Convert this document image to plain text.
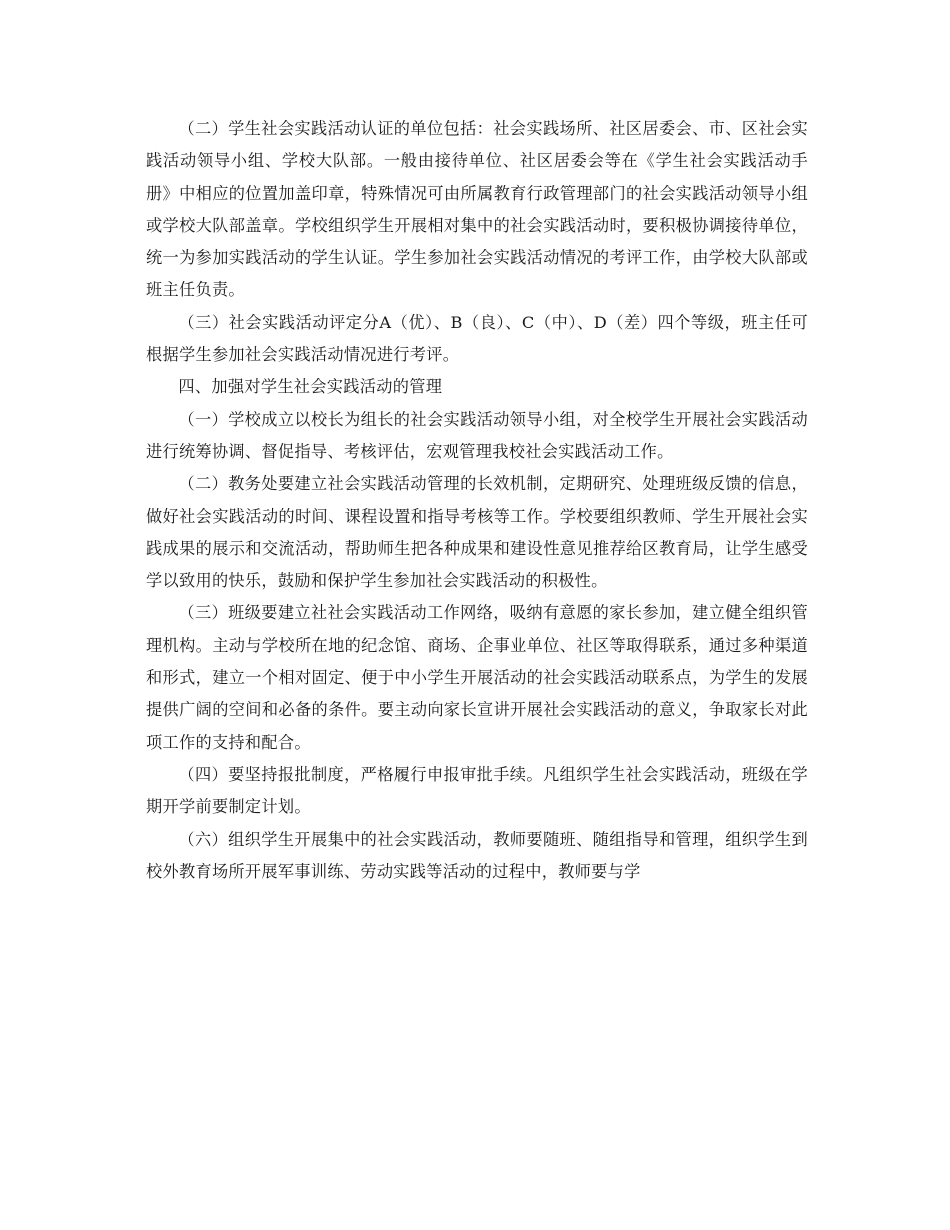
（二）学生社会实践活动认证的单位包括：社会实践场所、社区居委会、市、区社会实践活动领导小组、学校大队部。一般由接待单位、社区居委会等在《学生社会实践活动手册》中相应的位置加盖印章，特殊情况可由所属教育行政管理部门的社会实践活动领导小组或学校大队部盖章。学校组织学生开展相对集中的社会实践活动时，要积极协调接待单位，统一为参加实践活动的学生认证。学生参加社会实践活动情况的考评工作，由学校大队部或班主任负责。

（三）社会实践活动评定分A（优）、B（良）、C（中）、D（差）四个等级，班主任可根据学生参加社会实践活动情况进行考评。

四、加强对学生社会实践活动的管理

（一）学校成立以校长为组长的社会实践活动领导小组，对全校学生开展社会实践活动进行统筹协调、督促指导、考核评估，宏观管理我校社会实践活动工作。

（二）教务处要建立社会实践活动管理的长效机制，定期研究、处理班级反馈的信息，做好社会实践活动的时间、课程设置和指导考核等工作。学校要组织教师、学生开展社会实践成果的展示和交流活动，帮助师生把各种成果和建设性意见推荐给区教育局，让学生感受学以致用的快乐，鼓励和保护学生参加社会实践活动的积极性。

（三）班级要建立社社会实践活动工作网络，吸纳有意愿的家长参加，建立健全组织管理机构。主动与学校所在地的纪念馆、商场、企事业单位、社区等取得联系，通过多种渠道和形式，建立一个相对固定、便于中小学生开展活动的社会实践活动联系点，为学生的发展提供广阔的空间和必备的条件。要主动向家长宣讲开展社会实践活动的意义，争取家长对此项工作的支持和配合。

（四）要坚持报批制度，严格履行申报审批手续。凡组织学生社会实践活动，班级在学期开学前要制定计划。

（六）组织学生开展集中的社会实践活动，教师要随班、随组指导和管理，组织学生到校外教育场所开展军事训练、劳动实践等活动的过程中，教师要与学
